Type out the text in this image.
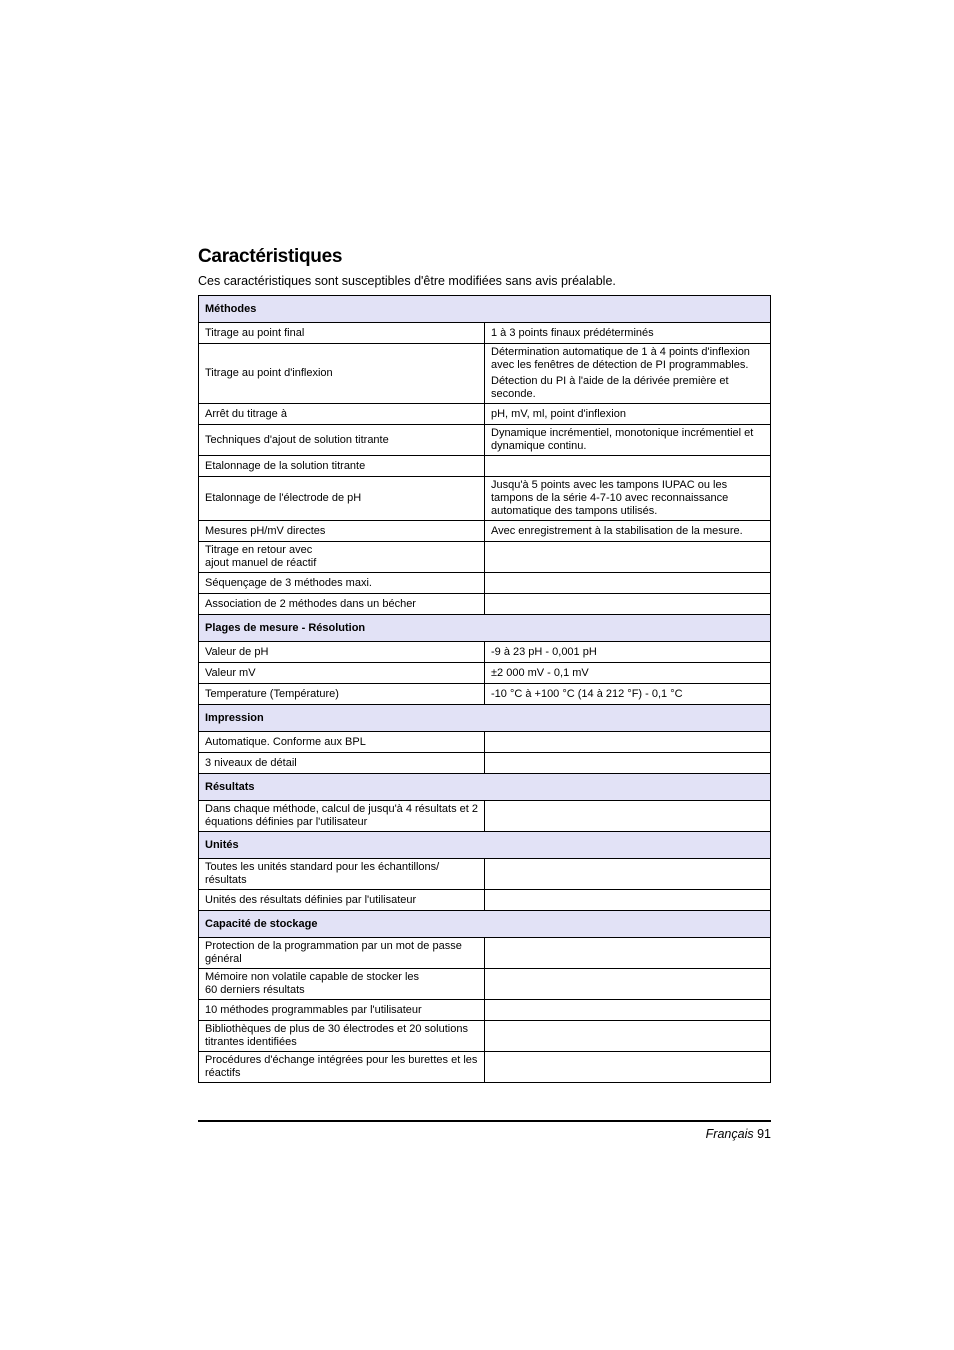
Caractéristiques

Ces caractéristiques sont susceptibles d'être modifiées sans avis préalable.

Méthodes	

Titrage au point final	1 à 3 points finaux prédéterminés

Titrage au point d'inflexion	Détermination automatique de 1 à 4 points d'inflexion avec les fenêtres de détection de PI programmables.
Détection du PI à l'aide de la dérivée première et seconde.

Arrêt du titrage à	pH, mV, ml, point d'inflexion

Techniques d'ajout de solution titrante	Dynamique incrémentiel, monotonique incrémentiel et dynamique continu.

Etalonnage de la solution titrante	

Etalonnage de l'électrode de pH	Jusqu'à 5 points avec les tampons IUPAC ou les tampons de la série 4-7-10 avec reconnaissance automatique des tampons utilisés.

Mesures pH/mV directes	Avec enregistrement à la stabilisation de la mesure.

Titrage en retour avec
ajout manuel de réactif	

Séquençage de 3 méthodes maxi.	

Association de 2 méthodes dans un bécher	

Plages de mesure - Résolution	

Valeur de pH	-9 à 23 pH - 0,001 pH

Valeur mV	±2 000 mV - 0,1 mV

Temperature (Température)	-10 °C à +100 °C (14 à 212 °F) - 0,1 °C

Impression	

Automatique. Conforme aux BPL	

3 niveaux de détail	

Résultats	

Dans chaque méthode, calcul de jusqu'à 4 résultats et 2 équations définies par l'utilisateur	

Unités	

Toutes les unités standard pour les échantillons/
résultats	

Unités des résultats définies par l'utilisateur	

Capacité de stockage	

Protection de la programmation par un mot de passe général	

Mémoire non volatile capable de stocker les
60 derniers résultats	

10 méthodes programmables par l'utilisateur	

Bibliothèques de plus de 30 électrodes et 20 solutions titrantes identifiées	

Procédures d'échange intégrées pour les burettes et les réactifs	

Français 91
